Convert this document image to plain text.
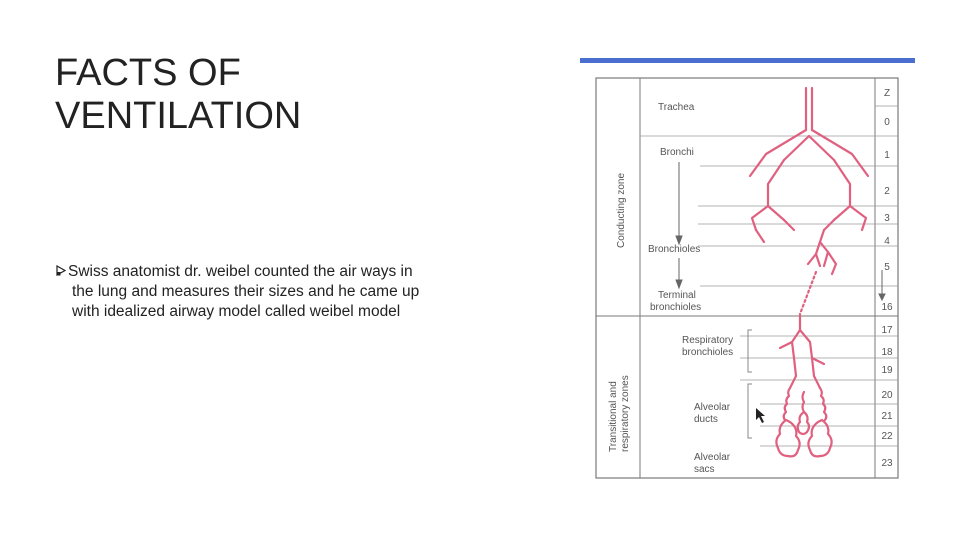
FACTS OF
VENTILATION
Swiss anatomist dr. weibel counted the air ways in
the lung and measures their sizes and he came up
with idealized airway model called weibel model
Conducting zone
Transitional and respiratory zones
Trachea
Bronchi
Bronchioles
Terminal
bronchioles
Respiratory
bronchioles
Alveolar
ducts
Alveolar
sacs
Z
0
1
2
3
4
5
16
17
18
19
20
21
22
23
